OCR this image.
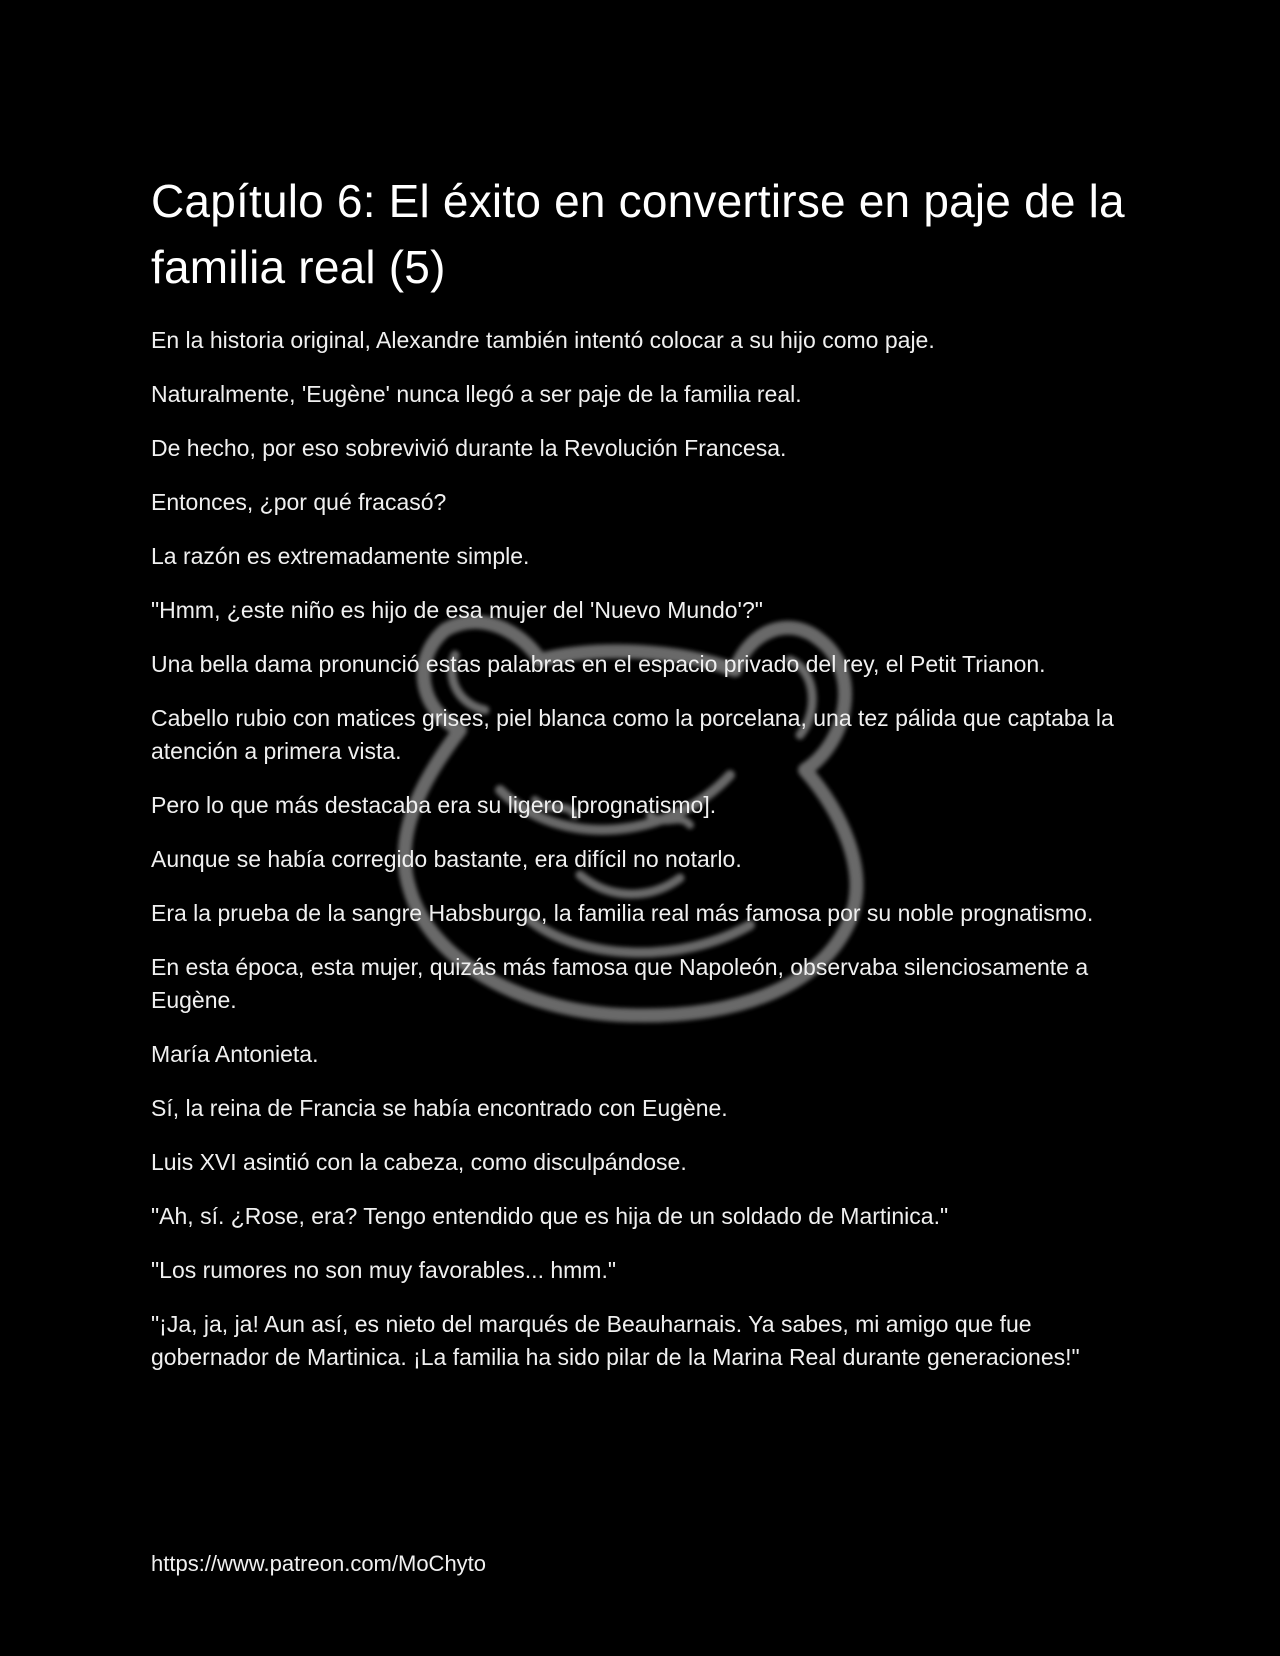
Capítulo 6: El éxito en convertirse en paje de la familia real (5)

En la historia original, Alexandre también intentó colocar a su hijo como paje.

Naturalmente, 'Eugène' nunca llegó a ser paje de la familia real.

De hecho, por eso sobrevivió durante la Revolución Francesa.

Entonces, ¿por qué fracasó?

La razón es extremadamente simple.

"Hmm, ¿este niño es hijo de esa mujer del 'Nuevo Mundo'?"

Una bella dama pronunció estas palabras en el espacio privado del rey, el Petit Trianon.

Cabello rubio con matices grises, piel blanca como la porcelana, una tez pálida que captaba la atención a primera vista.

Pero lo que más destacaba era su ligero [prognatismo].

Aunque se había corregido bastante, era difícil no notarlo.

Era la prueba de la sangre Habsburgo, la familia real más famosa por su noble prognatismo.

En esta época, esta mujer, quizás más famosa que Napoleón, observaba silenciosamente a Eugène.

María Antonieta.

Sí, la reina de Francia se había encontrado con Eugène.

Luis XVI asintió con la cabeza, como disculpándose.

"Ah, sí. ¿Rose, era? Tengo entendido que es hija de un soldado de Martinica."

"Los rumores no son muy favorables... hmm."

"¡Ja, ja, ja! Aun así, es nieto del marqués de Beauharnais. Ya sabes, mi amigo que fue gobernador de Martinica. ¡La familia ha sido pilar de la Marina Real durante generaciones!"

https://www.patreon.com/MoChyto
